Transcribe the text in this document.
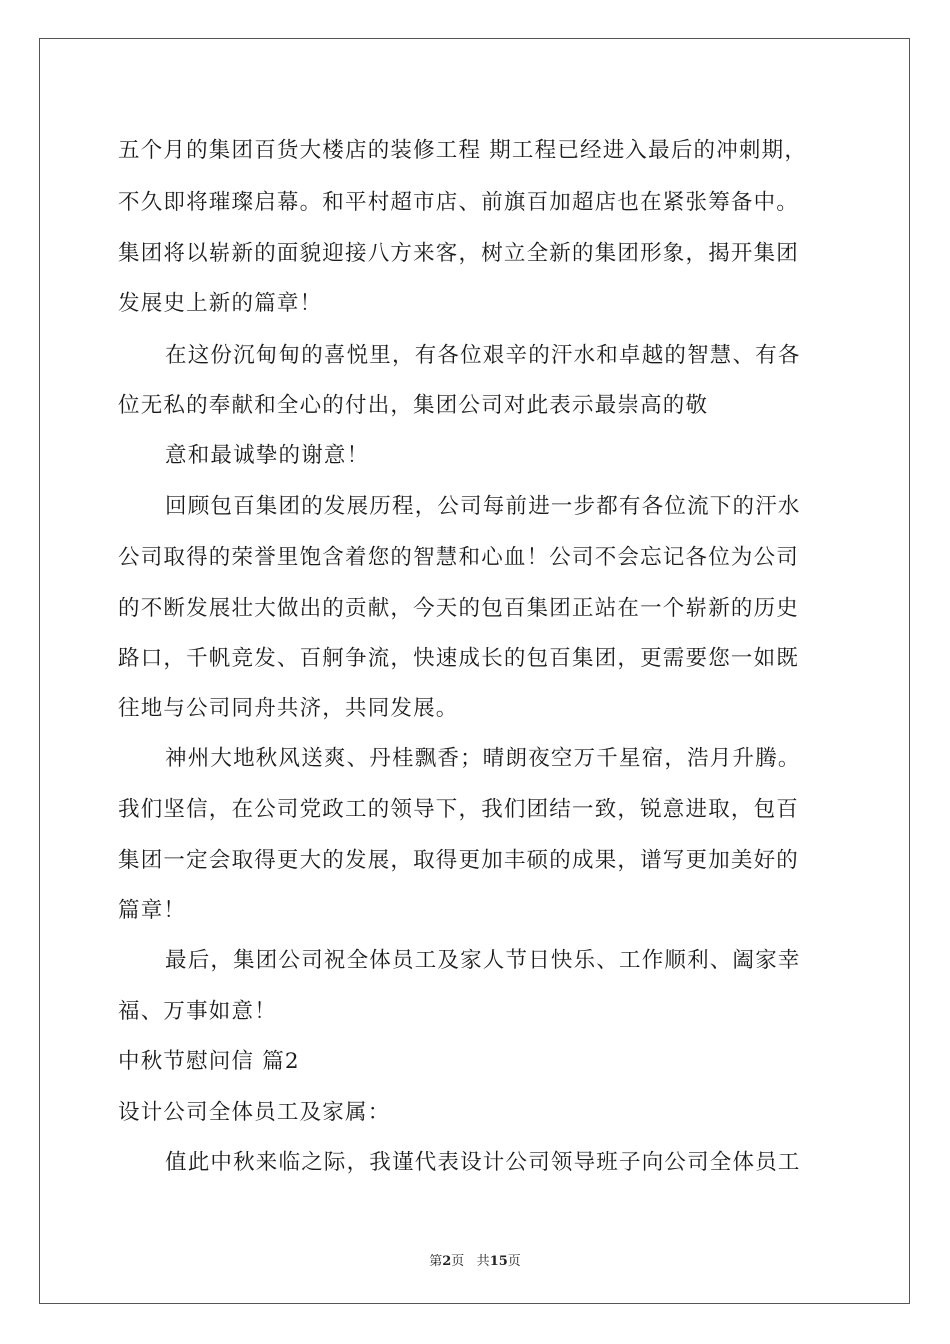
五个月的集团百货大楼店的装修工程 期工程已经进入最后的冲刺期，
不久即将璀璨启幕。和平村超市店、前旗百加超店也在紧张筹备中。
集团将以崭新的面貌迎接八方来客，树立全新的集团形象，揭开集团
发展史上新的篇章！
在这份沉甸甸的喜悦里，有各位艰辛的汗水和卓越的智慧、有各
位无私的奉献和全心的付出，集团公司对此表示最崇高的敬
意和最诚挚的谢意！
回顾包百集团的发展历程，公司每前进一步都有各位流下的汗水
公司取得的荣誉里饱含着您的智慧和心血！公司不会忘记各位为公司
的不断发展壮大做出的贡献，今天的包百集团正站在一个崭新的历史
路口，千帆竞发、百舸争流，快速成长的包百集团，更需要您一如既
往地与公司同舟共济，共同发展。
神州大地秋风送爽、丹桂飘香；晴朗夜空万千星宿，浩月升腾。
我们坚信，在公司党政工的领导下，我们团结一致，锐意进取，包百
集团一定会取得更大的发展，取得更加丰硕的成果，谱写更加美好的
篇章！
最后，集团公司祝全体员工及家人节日快乐、工作顺利、阖家幸
福、万事如意！
中秋节慰问信 篇2
设计公司全体员工及家属：
值此中秋来临之际，我谨代表设计公司领导班子向公司全体员工
第2页 共15页
